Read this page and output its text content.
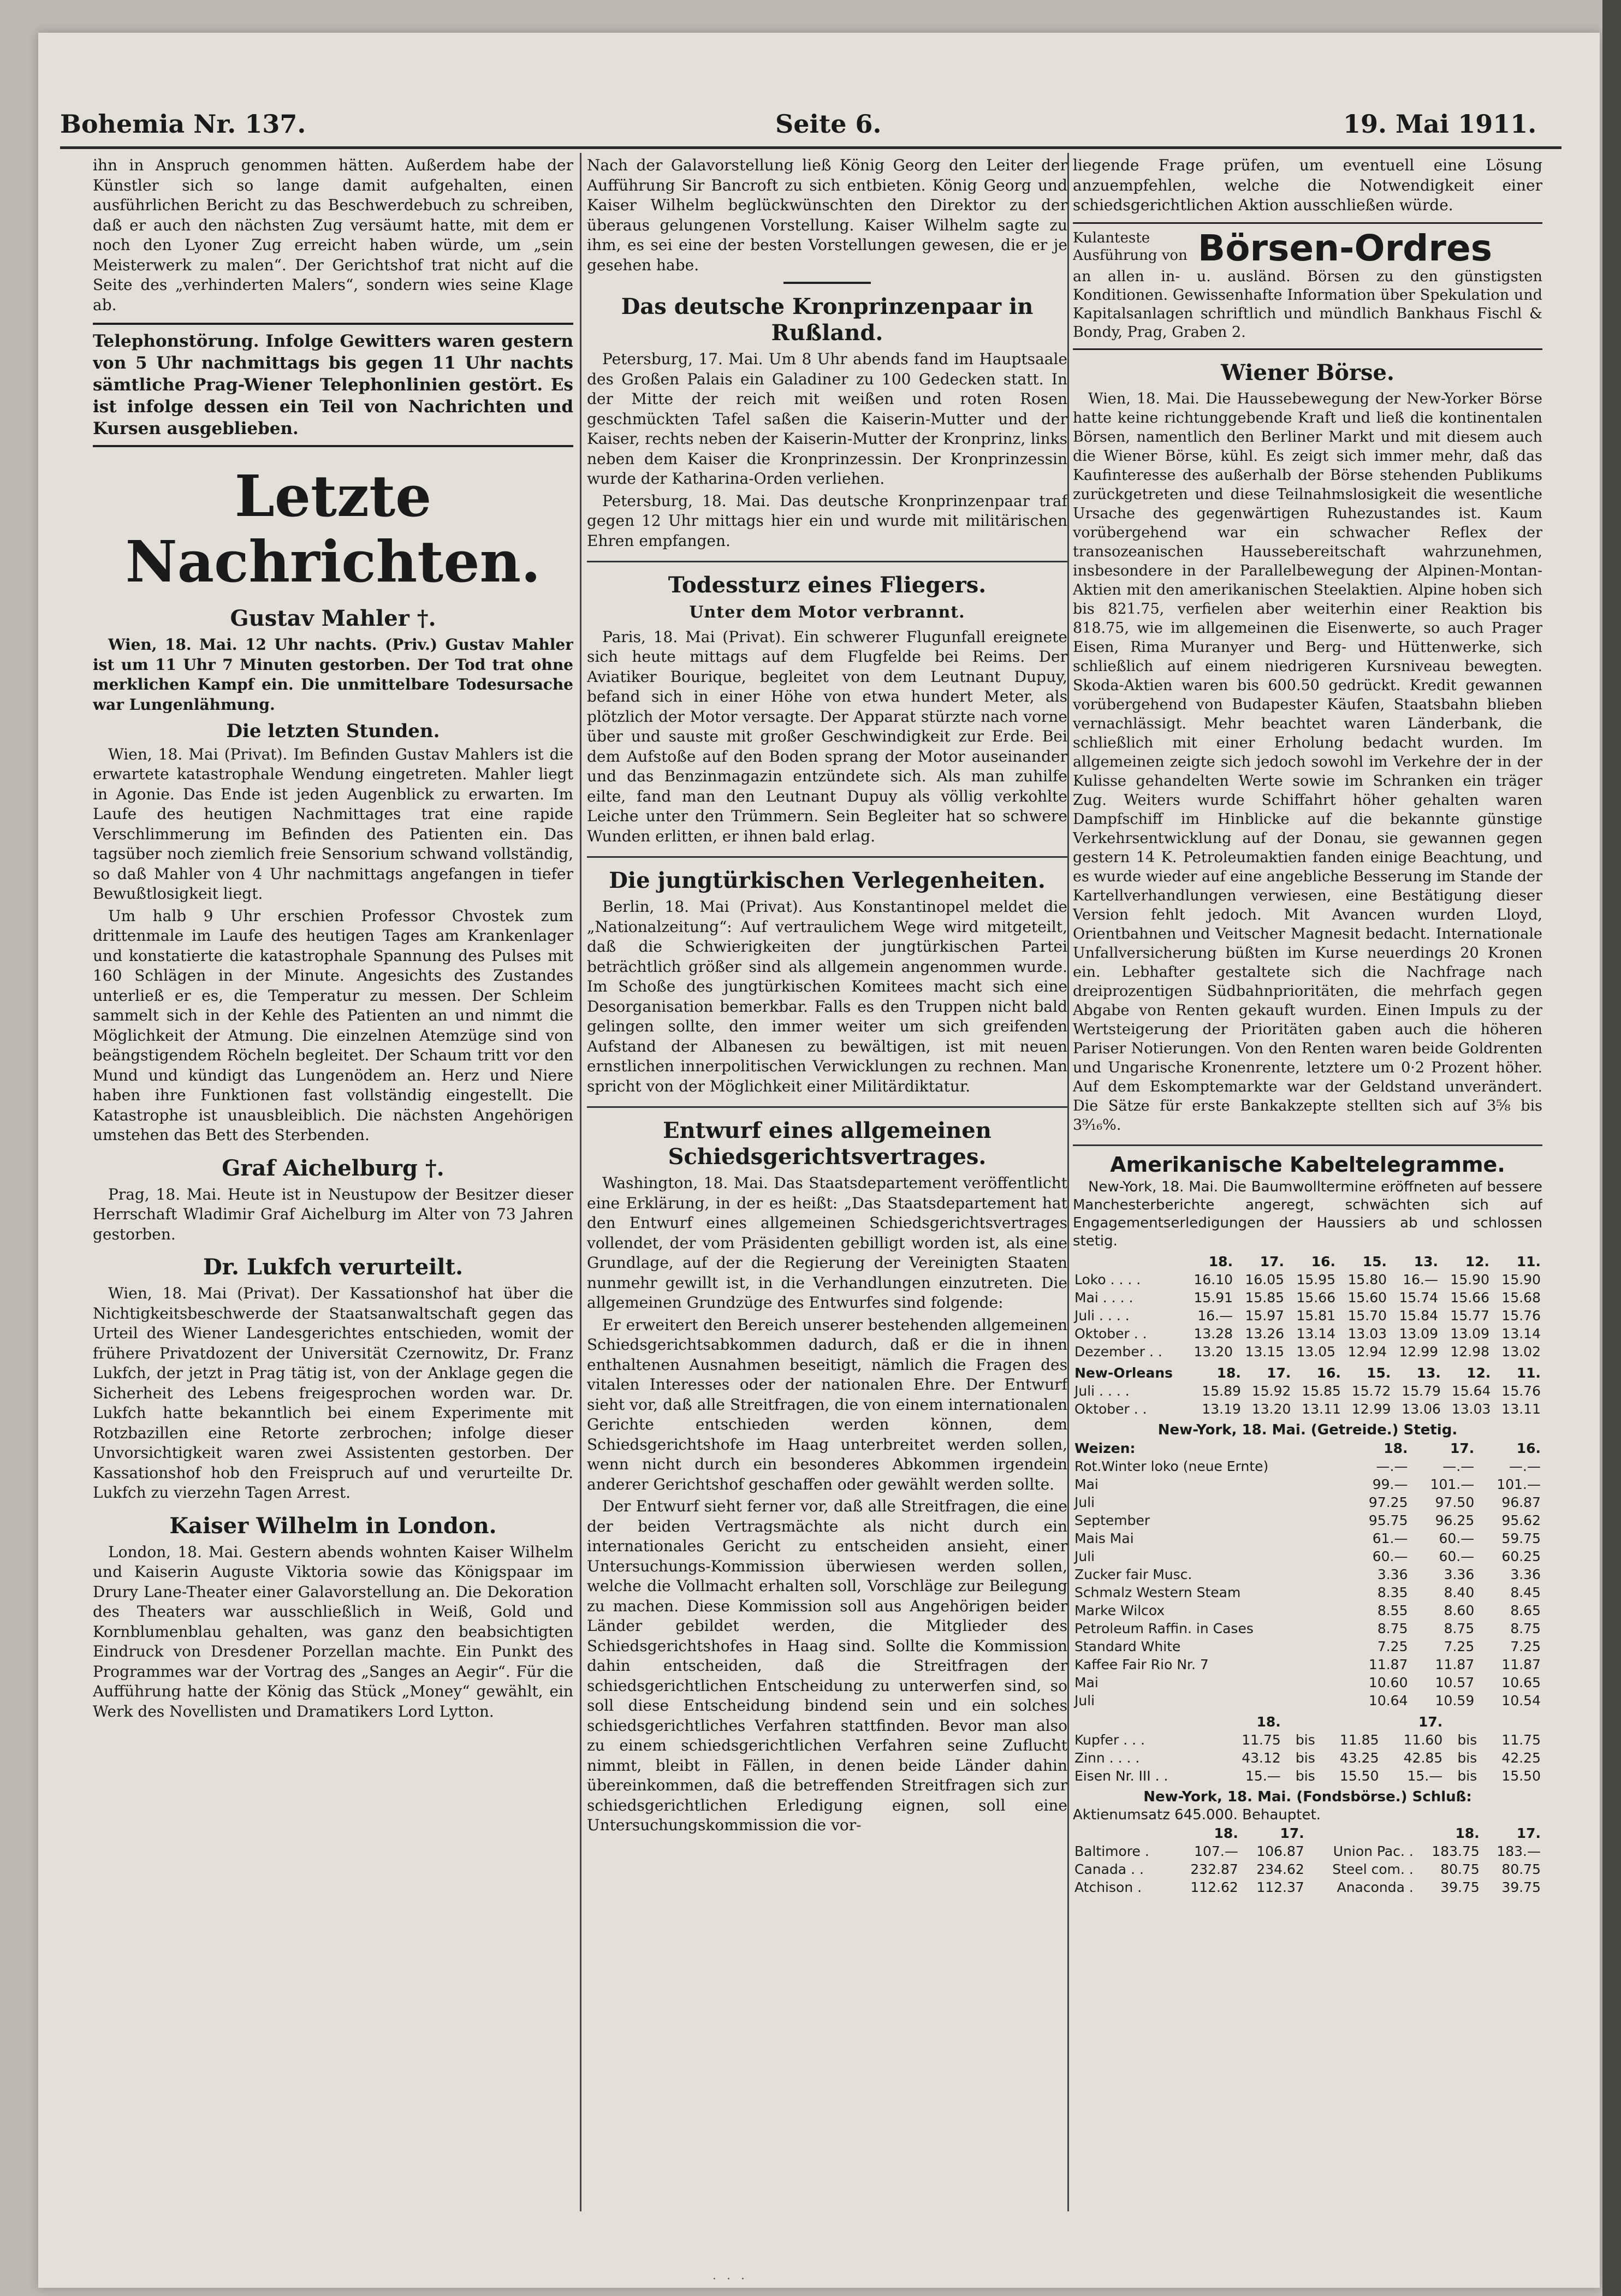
Bohemia Nr. 137.	Seite 6.	19. Mai 1911.

ihn in Anspruch genommen hätten. Außerdem habe der Künstler sich so lange damit aufgehalten, einen ausführlichen Bericht zu das Beschwerdebuch zu schreiben, daß er auch den nächsten Zug versäumt hatte, mit dem er noch den Lyoner Zug erreicht haben würde, um „sein Meisterwerk zu malen“. Der Gerichtshof trat nicht auf die Seite des „verhinderten Malers“, sondern wies seine Klage ab.

Telephonstörung. Infolge Gewitters waren gestern von 5 Uhr nachmittags bis gegen 11 Uhr nachts sämtliche Prag-Wiener Telephonlinien gestört. Es ist infolge dessen ein Teil von Nachrichten und Kursen ausgeblieben.
Letzte Nachrichten.
Gustav Mahler †.

Wien, 18. Mai. 12 Uhr nachts. (Priv.) Gustav Mahler ist um 11 Uhr 7 Minuten gestorben. Der Tod trat ohne merklichen Kampf ein. Die unmittelbare Todesursache war Lungenlähmung.

Die letzten Stunden.

Wien, 18. Mai (Privat). Im Befinden Gustav Mahlers ist die erwartete katastrophale Wendung eingetreten. Mahler liegt in Agonie. Das Ende ist jeden Augenblick zu erwarten. Im Laufe des heutigen Nachmittages trat eine rapide Verschlimmerung im Befinden des Patienten ein. Das tagsüber noch ziemlich freie Sensorium schwand vollständig, so daß Mahler von 4 Uhr nachmittags angefangen in tiefer Bewußtlosigkeit liegt.

Um halb 9 Uhr erschien Professor Chvostek zum drittenmale im Laufe des heutigen Tages am Krankenlager und konstatierte die katastrophale Spannung des Pulses mit 160 Schlägen in der Minute. Angesichts des Zustandes unterließ er es, die Temperatur zu messen. Der Schleim sammelt sich in der Kehle des Patienten an und nimmt die Möglichkeit der Atmung. Die einzelnen Atemzüge sind von beängstigendem Röcheln begleitet. Der Schaum tritt vor den Mund und kündigt das Lungenödem an. Herz und Niere haben ihre Funktionen fast vollständig eingestellt. Die Katastrophe ist unausbleiblich. Die nächsten Angehörigen umstehen das Bett des Sterbenden.

Graf Aichelburg †.

Prag, 18. Mai. Heute ist in Neustupow der Besitzer dieser Herrschaft Wladimir Graf Aichelburg im Alter von 73 Jahren gestorben.

Dr. Lukfch verurteilt.

Wien, 18. Mai (Privat). Der Kassationshof hat über die Nichtigkeitsbeschwerde der Staatsanwaltschaft gegen das Urteil des Wiener Landesgerichtes entschieden, womit der frühere Privatdozent der Universität Czernowitz, Dr. Franz Lukfch, der jetzt in Prag tätig ist, von der Anklage gegen die Sicherheit des Lebens freigesprochen worden war. Dr. Lukfch hatte bekanntlich bei einem Experimente mit Rotzbazillen eine Retorte zerbrochen; infolge dieser Unvorsichtigkeit waren zwei Assistenten gestorben. Der Kassationshof hob den Freispruch auf und verurteilte Dr. Lukfch zu vierzehn Tagen Arrest.

Kaiser Wilhelm in London.

London, 18. Mai. Gestern abends wohnten Kaiser Wilhelm und Kaiserin Auguste Viktoria sowie das Königspaar im Drury Lane-Theater einer Galavorstellung an. Die Dekoration des Theaters war ausschließlich in Weiß, Gold und Kornblumenblau gehalten, was ganz den beabsichtigten Eindruck von Dresdener Porzellan machte. Ein Punkt des Programmes war der Vortrag des „Sanges an Aegir“. Für die Aufführung hatte der König das Stück „Money“ gewählt, ein Werk des Novellisten und Dramatikers Lord Lytton.

Nach der Galavorstellung ließ König Georg den Leiter der Aufführung Sir Bancroft zu sich entbieten. König Georg und Kaiser Wilhelm beglückwünschten den Direktor zu der überaus gelungenen Vorstellung. Kaiser Wilhelm sagte zu ihm, es sei eine der besten Vorstellungen gewesen, die er je gesehen habe.

Das deutsche Kronprinzenpaar in Rußland.

Petersburg, 17. Mai. Um 8 Uhr abends fand im Hauptsaale des Großen Palais ein Galadiner zu 100 Gedecken statt. In der Mitte der reich mit weißen und roten Rosen geschmückten Tafel saßen die Kaiserin-Mutter und der Kaiser, rechts neben der Kaiserin-Mutter der Kronprinz, links neben dem Kaiser die Kronprinzessin. Der Kronprinzessin wurde der Katharina-Orden verliehen.

Petersburg, 18. Mai. Das deutsche Kronprinzenpaar traf gegen 12 Uhr mittags hier ein und wurde mit militärischen Ehren empfangen.

Todessturz eines Fliegers.
Unter dem Motor verbrannt.

Paris, 18. Mai (Privat). Ein schwerer Flugunfall ereignete sich heute mittags auf dem Flugfelde bei Reims. Der Aviatiker Bourique, begleitet von dem Leutnant Dupuy, befand sich in einer Höhe von etwa hundert Meter, als plötzlich der Motor versagte. Der Apparat stürzte nach vorne über und sauste mit großer Geschwindigkeit zur Erde. Bei dem Aufstoße auf den Boden sprang der Motor auseinander und das Benzinmagazin entzündete sich. Als man zuhilfe eilte, fand man den Leutnant Dupuy als völlig verkohlte Leiche unter den Trümmern. Sein Begleiter hat so schwere Wunden erlitten, er ihnen bald erlag.

Die jungtürkischen Verlegenheiten.

Berlin, 18. Mai (Privat). Aus Konstantinopel meldet die „Nationalzeitung“: Auf vertraulichem Wege wird mitgeteilt, daß die Schwierigkeiten der jungtürkischen Partei beträchtlich größer sind als allgemein angenommen wurde. Im Schoße des jungtürkischen Komitees macht sich eine Desorganisation bemerkbar. Falls es den Truppen nicht bald gelingen sollte, den immer weiter um sich greifenden Aufstand der Albanesen zu bewältigen, ist mit neuen ernstlichen innerpolitischen Verwicklungen zu rechnen. Man spricht von der Möglichkeit einer Militärdiktatur.

Entwurf eines allgemeinen Schiedsgerichtsvertrages.

Washington, 18. Mai. Das Staatsdepartement veröffentlicht eine Erklärung, in der es heißt: „Das Staatsdepartement hat den Entwurf eines allgemeinen Schiedsgerichtsvertrages vollendet, der vom Präsidenten gebilligt worden ist, als eine Grundlage, auf der die Regierung der Vereinigten Staaten nunmehr gewillt ist, in die Verhandlungen einzutreten. Die allgemeinen Grundzüge des Entwurfes sind folgende:

Er erweitert den Bereich unserer bestehenden allgemeinen Schiedsgerichtsabkommen dadurch, daß er die in ihnen enthaltenen Ausnahmen beseitigt, nämlich die Fragen des vitalen Interesses oder der nationalen Ehre. Der Entwurf sieht vor, daß alle Streitfragen, die von einem internationalen Gerichte entschieden werden können, dem Schiedsgerichtshofe im Haag unterbreitet werden sollen, wenn nicht durch ein besonderes Abkommen irgendein anderer Gerichtshof geschaffen oder gewählt werden sollte.

Der Entwurf sieht ferner vor, daß alle Streitfragen, die eine der beiden Vertragsmächte als nicht durch ein internationales Gericht zu entscheiden ansieht, einer Untersuchungs-Kommission überwiesen werden sollen, welche die Vollmacht erhalten soll, Vorschläge zur Beilegung zu machen. Diese Kommission soll aus Angehörigen beider Länder gebildet werden, die Mitglieder des Schiedsgerichtshofes in Haag sind. Sollte die Kommission dahin entscheiden, daß die Streitfragen der schiedsgerichtlichen Entscheidung zu unterwerfen sind, so soll diese Entscheidung bindend sein und ein solches schiedsgerichtliches Verfahren stattfinden. Bevor man also zu einem schiedsgerichtlichen Verfahren seine Zuflucht nimmt, bleibt in Fällen, in denen beide Länder dahin übereinkommen, daß die betreffenden Streitfragen sich zur schiedsgerichtlichen Erledigung eignen, soll eine Untersuchungskommission die vor-

liegende Frage prüfen, um eventuell eine Lösung anzuempfehlen, welche die Notwendigkeit einer schiedsgerichtlichen Aktion ausschließen würde.

Kulanteste Ausführung von Börsen-Ordres
an allen in- u. ausländ. Börsen zu den günstigsten Konditionen. Gewissenhafte Information über Spekulation und Kapitalsanlagen schriftlich und mündlich Bankhaus Fischl & Bondy, Prag, Graben 2.
Wiener Börse.

Wien, 18. Mai. Die Haussebewegung der New-Yorker Börse hatte keine richtunggebende Kraft und ließ die kontinentalen Börsen, namentlich den Berliner Markt und mit diesem auch die Wiener Börse, kühl. Es zeigt sich immer mehr, daß das Kaufinteresse des außerhalb der Börse stehenden Publikums zurückgetreten und diese Teilnahmslosigkeit die wesentliche Ursache des gegenwärtigen Ruhezustandes ist. Kaum vorübergehend war ein schwacher Reflex der transozeanischen Haussebereitschaft wahrzunehmen, insbesondere in der Parallelbewegung der Alpinen-Montan-Aktien mit den amerikanischen Steelaktien. Alpine hoben sich bis 821.75, verfielen aber weiterhin einer Reaktion bis 818.75, wie im allgemeinen die Eisenwerte, so auch Prager Eisen, Rima Muranyer und Berg- und Hüttenwerke, sich schließlich auf einem niedrigeren Kursniveau bewegten. Skoda-Aktien waren bis 600.50 gedrückt. Kredit gewannen vorübergehend von Budapester Käufen, Staatsbahn blieben vernachlässigt. Mehr beachtet waren Länderbank, die schließlich mit einer Erholung bedacht wurden. Im allgemeinen zeigte sich jedoch sowohl im Verkehre der in der Kulisse gehandelten Werte sowie im Schranken ein träger Zug. Weiters wurde Schiffahrt höher gehalten waren Dampfschiff im Hinblicke auf die bekannte günstige Verkehrsentwicklung auf der Donau, sie gewannen gegen gestern 14 K. Petroleumaktien fanden einige Beachtung, und es wurde wieder auf eine angebliche Besserung im Stande der Kartellverhandlungen verwiesen, eine Bestätigung dieser Version fehlt jedoch. Mit Avancen wurden Lloyd, Orientbahnen und Veitscher Magnesit bedacht. Internationale Unfallversicherung büßten im Kurse neuerdings 20 Kronen ein. Lebhafter gestaltete sich die Nachfrage nach dreiprozentigen Südbahnprioritäten, die mehrfach gegen Abgabe von Renten gekauft wurden. Einen Impuls zu der Wertsteigerung der Prioritäten gaben auch die höheren Pariser Notierungen. Von den Renten waren beide Goldrenten und Ungarische Kronenrente, letztere um 0·2 Prozent höher. Auf dem Eskomptemarkte war der Geldstand unverändert. Die Sätze für erste Bankakzepte stellten sich auf 3⅝ bis 3⁹⁄₁₆%.

Amerikanische Kabeltelegramme.

New-York, 18. Mai. Die Baumwolltermine eröffneten auf bessere Manchesterberichte angeregt, schwächten sich auf Engagementserledigungen der Haussiers ab und schlossen stetig.

	18.	17.	16.	15.	13.	12.	11.
Loko . . . .	16.10	16.05	15.95	15.80	16.—	15.90	15.90
Mai . . . .	15.91	15.85	15.66	15.60	15.74	15.66	15.68
Juli . . . .	16.—	15.97	15.81	15.70	15.84	15.77	15.76
Oktober . .	13.28	13.26	13.14	13.03	13.09	13.09	13.14
Dezember . .	13.20	13.15	13.05	12.94	12.99	12.98	13.02
New-Orleans	18.	17.	16.	15.	13.	12.	11.
Juli . . . .	15.89	15.92	15.85	15.72	15.79	15.64	15.76
Oktober . .	13.19	13.20	13.11	12.99	13.06	13.03	13.11
New-York, 18. Mai. (Getreide.) Stetig.
Weizen:	18.	17.	16.
Rot.Winter loko (neue Ernte)	—.—	—.—	—.—
Mai	99.—	101.—	101.—
Juli	97.25	97.50	96.87
September	95.75	96.25	95.62
Mais Mai	61.—	60.—	59.75
Juli	60.—	60.—	60.25
Zucker fair Musc.	3.36	3.36	3.36
Schmalz Western Steam	8.35	8.40	8.45
Marke Wilcox	8.55	8.60	8.65
Petroleum Raffin. in Cases	8.75	8.75	8.75
Standard White	7.25	7.25	7.25
Kaffee Fair Rio Nr. 7	11.87	11.87	11.87
Mai	10.60	10.57	10.65
Juli	10.64	10.59	10.54
	18.			17.		
Kupfer . . .	11.75	bis	11.85	11.60	bis	11.75
Zinn . . . .	43.12	bis	43.25	42.85	bis	42.25
Eisen Nr. III . .	15.—	bis	15.50	15.—	bis	15.50
New-York, 18. Mai. (Fondsbörse.) Schluß:
Aktienumsatz 645.000. Behauptet.
	18.	17.		18.	17.
Baltimore .	107.—	106.87	Union Pac. .	183.75	183.—
Canada . .	232.87	234.62	Steel com. .	80.75	80.75
Atchison .	112.62	112.37	Anaconda .	39.75	39.75
· · ·
